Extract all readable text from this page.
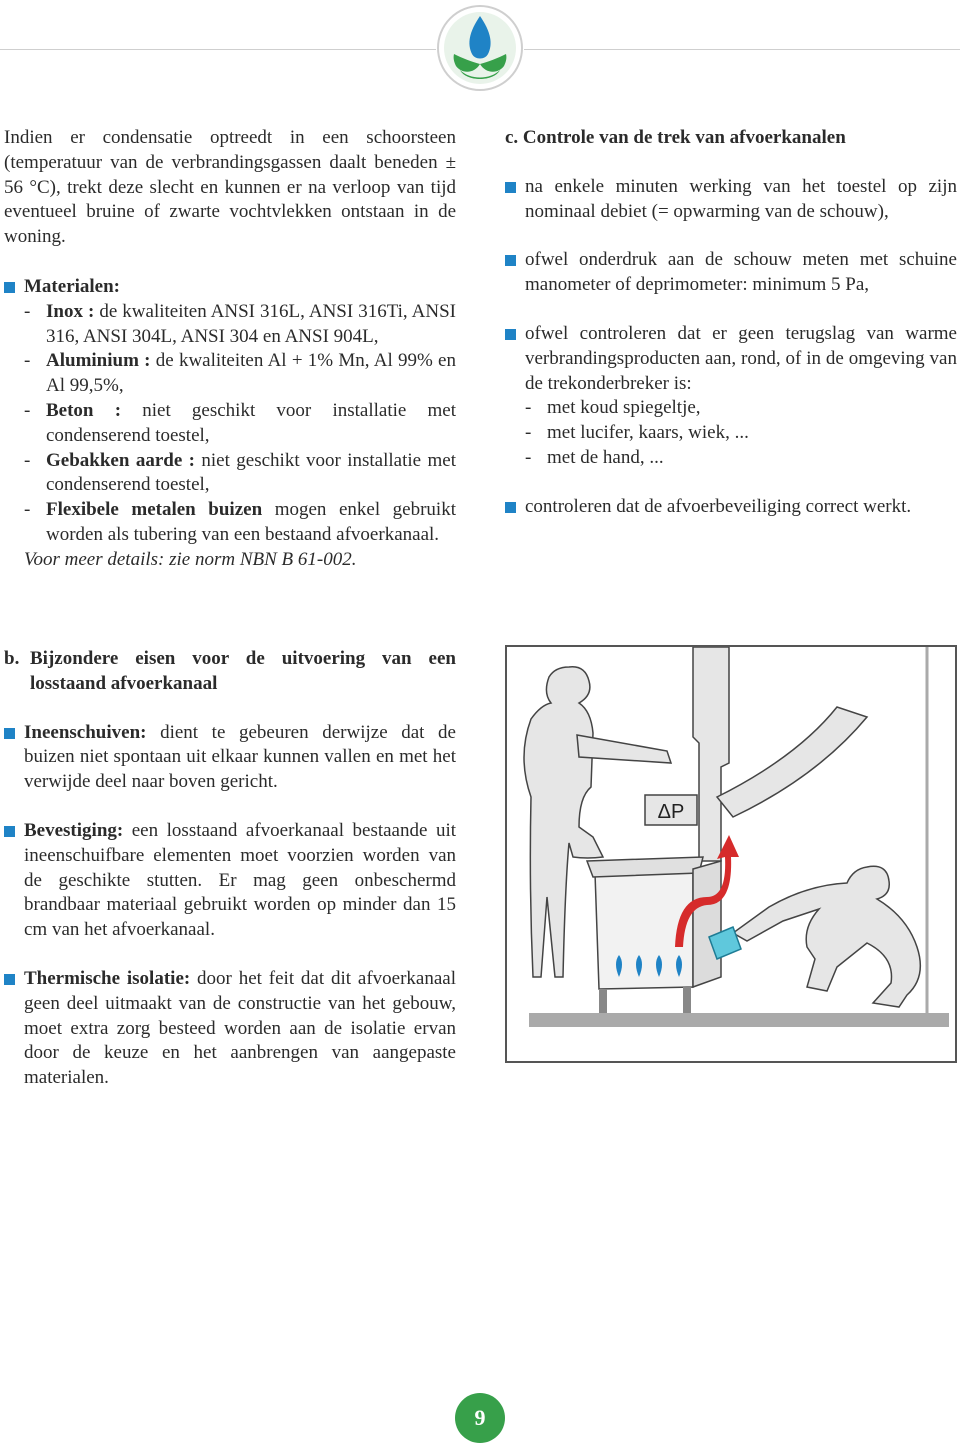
Indien er condensatie optreedt in een schoorsteen (temperatuur van de verbrandingsgassen daalt beneden ± 56 °C), trekt deze slecht en kunnen er na verloop van tijd eventueel bruine of zwarte vochtvlekken ontstaan in de woning.

Materialen:

- Inox : de kwaliteiten ANSI 316L, ANSI 316Ti, ANSI 316, ANSI 304L, ANSI 304 en ANSI 904L,
- Aluminium : de kwaliteiten Al + 1% Mn, Al 99% en Al 99,5%,
- Beton : niet geschikt voor installatie met condenserend toestel,
- Gebakken aarde : niet geschikt voor installatie met condenserend toestel,
- Flexibele metalen buizen mogen enkel gebruikt worden als tubering van een bestaand afvoerkanaal.

Voor meer details: zie norm NBN B 61-002.

b. Bijzondere eisen voor de uitvoering van een losstaand afvoerkanaal
Ineenschuiven: dient te gebeuren derwijze dat de buizen niet spontaan uit elkaar kunnen vallen en met het verwijde deel naar boven gericht.
Bevestiging: een losstaand afvoerkanaal bestaande uit ineenschuifbare elementen moet voorzien worden van de geschikte stutten. Er mag geen onbeschermd brandbaar materiaal gebruikt worden op minder dan 15 cm van het afvoerkanaal.
Thermische isolatie: door het feit dat dit afvoerkanaal geen deel uitmaakt van de constructie van het gebouw, moet extra zorg besteed worden aan de isolatie ervan door de keuze en het aanbrengen van aangepaste materialen.

c. Controle van de trek van afvoerkanalen

na enkele minuten werking van het toestel op zijn nominaal debiet (= opwarming van de schouw),
ofwel onderdruk aan de schouw meten met schuine manometer of deprimometer: minimum 5 Pa,

ofwel controleren dat er geen terugslag van warme verbrandingsproducten aan, rond, of in de omgeving van de trekonderbreker is:

- met koud spiegeltje,
- met lucifer, kaars, wiek, ...
- met de hand, ...
controleren dat de afvoerbeveiliging correct werkt.
ΔP
9
